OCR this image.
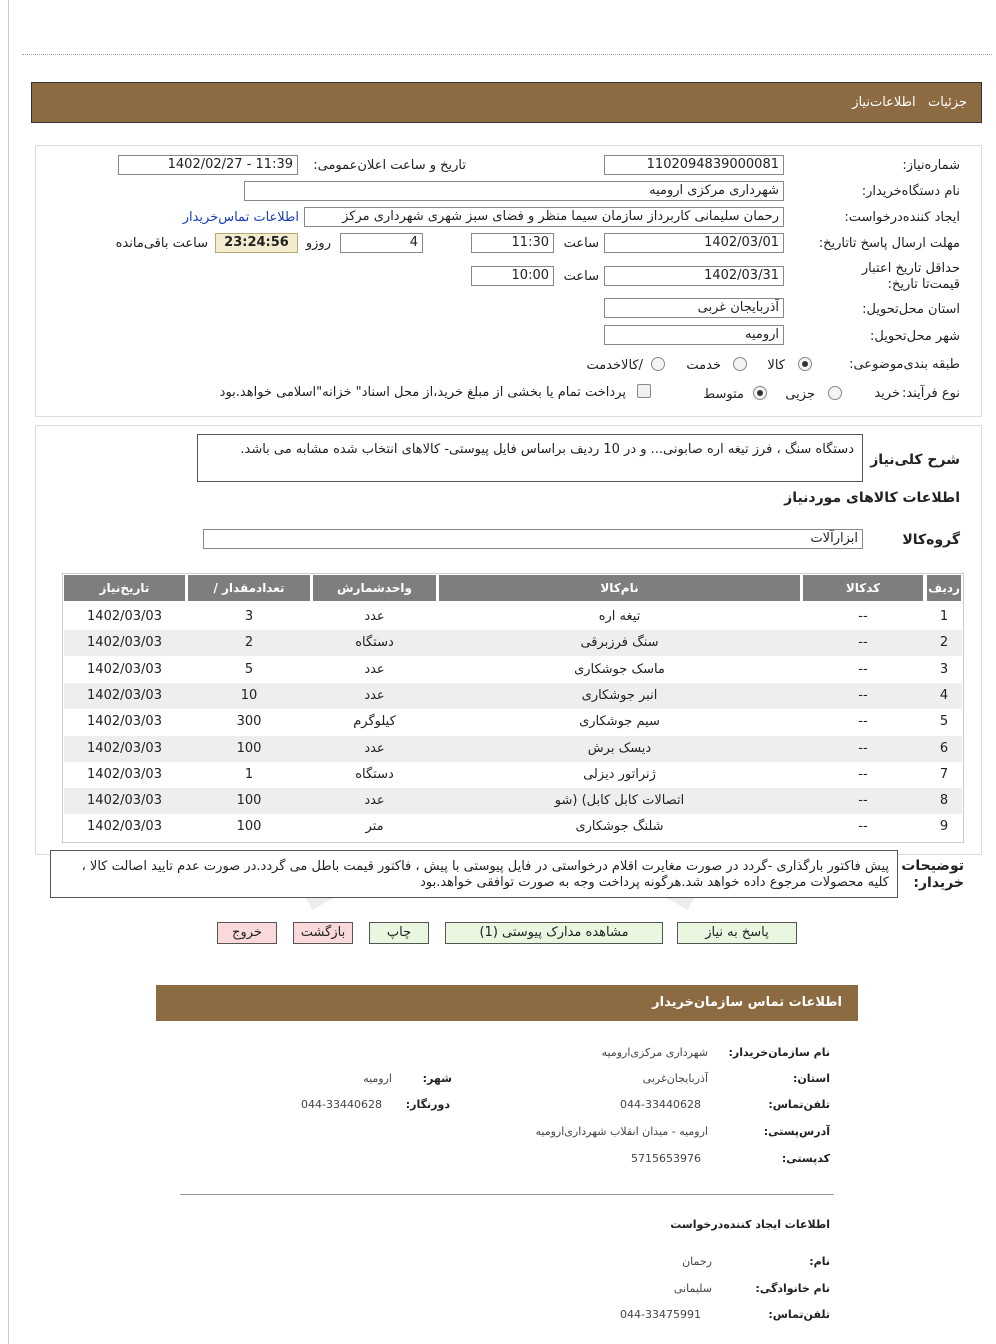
جزئیات   اطلاعات‌نیاز
شماره‌نیاز:
1102094839000081
تاریخ و ساعت اعلان‌عمومی:
1402/02/27 - 11:39
نام دستگاه‌خریدار:
شهرداری مرکزی ارومیه
ایجاد کننده‌درخواست:
رحمان سلیمانی کاربرداز سازمان سیما منظر و فضای سبز شهری شهرداری مرکز
اطلاعات تماس‌خریدار
مهلت ارسال پاسخ تا‌تاریخ:
1402/03/01
ساعت
11:30
4
روزو
23:24:56
ساعت باقی‌مانده
حداقل تاریخ اعتبار قیمت‌تا تاریخ:
1402/03/31
ساعت
10:00
استان محل‌تحویل:
آذربایجان غربی
شهر محل‌تحویل:
ارومیه
طبقه بندی‌موضوعی:
کالا
خدمت
/کالاخدمت
نوع فرآیند:
خرید
جزیی
متوسط
پرداخت تمام یا بخشی از مبلغ خرید،از محل اسناد" خزانه"اسلامی خواهد.بود
شرح کلی‌نیاز
دستگاه سنگ ، فرز تیغه اره صابونی... و در 10 ردیف براساس فایل پیوستی- کالاهای انتخاب شده مشابه می باشد.
اطلاعات کالاهای موردنیاز
گروه‌کالا
ابزارآلات
ردیف
کدکالا
نام‌کالا
واحدشمارش
/ تعدادمقدار
تاریخ‌نیاز
1
--
تیغه اره
عدد
3
1402/03/03
2
--
سنگ فرزبرقی
دستگاه
2
1402/03/03
3
--
ماسک جوشکاری
عدد
5
1402/03/03
4
--
انبر جوشکاری
عدد
10
1402/03/03
5
--
سیم جوشکاری
کیلوگرم
300
1402/03/03
6
--
دیسک برش
عدد
100
1402/03/03
7
--
ژنراتور دیزلی
دستگاه
1
1402/03/03
8
--
اتصالات کابل کابل) (شو
عدد
100
1402/03/03
9
--
شلنگ جوشکاری
متر
100
1402/03/03
توضیحات خریدار:
پیش فاکتور بارگذاری -گردد در صورت مغایرت اقلام درخواستی در فایل پیوستی با پیش ، فاکتور قیمت باطل می گردد.در صورت عدم تایید اصالت کالا ، کلیه محصولات مرجوع داده خواهد شد.هرگونه پرداخت وجه به صورت توافقی خواهد.بود
پاسخ به نیاز
مشاهده مدارک پیوستی (1)
چاپ
بازگشت
خروج
اطلاعات تماس سازمان‌خریدار
نام سازمان‌خریدار:
شهرداری مرکزی‌ارومیه
استان:
آذربایجان‌غربی
شهر:
ارومیه
تلفن‌تماس:
044-33440628
دورنگار:
044-33440628
آدرس‌پستی:
ارومیه - میدان انقلاب شهرداری‌ارومیه
کدپستی:
5715653976
اطلاعات ایجاد کننده‌درخواست
نام:
رحمان
نام خانوادگی:
سلیمانی
تلفن‌تماس:
044-33475991
